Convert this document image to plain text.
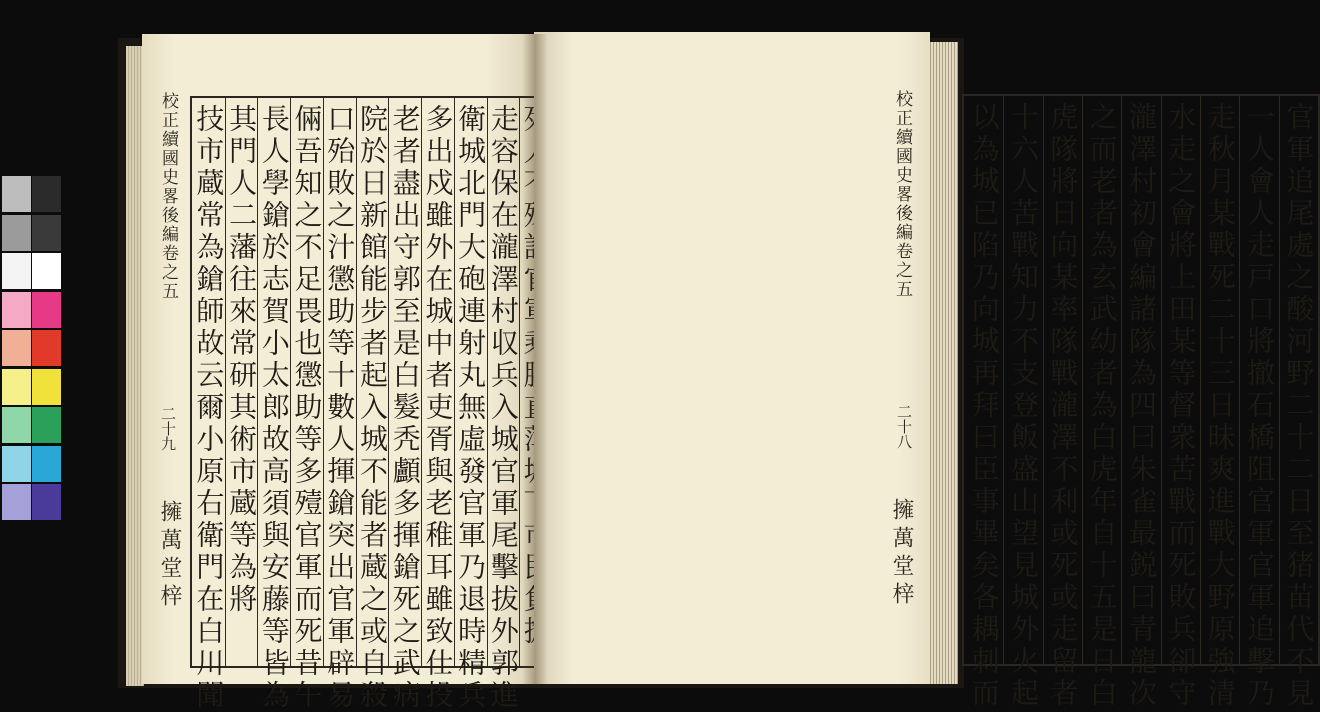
校正續國史畧後編卷之五
二十九
擁萬堂梓	走容保在瀧澤村収兵入城官軍尾擊拔外郭進
衛城北門大砲連射丸無虛發官軍乃退時精兵
多出戍雖外在城中者吏胥與老稚耳雖致仕投
老者盡出守郭至是白髮秃顱多揮鎗死之武病
院於日新館能步者起入城不能者蔵之或自殺
口殆敗之汁懲助等十數人揮鎗突出官軍辟易
倆吾知之不足畏也懲助等多殪官軍而死昔午
長人學鎗於志賀小太郎故高須與安藤等皆為
其門人二藩往來常研其術市蔵等為將
技市蔵常為鎗師故云爾小原右衛門在白川聞	校正續國史畧後編卷之五
二十八
擁萬堂梓	官軍追尾處之酸河野二十二日至猪苗代不見
一人會人走戸口將撤石橋阻官軍官軍追擊乃
走秋月某戰死二十三日昧爽進戰大野原強清
水走之會將上田某等督衆苦戰而死敗兵卻守
瀧澤村初會編諸隊為四曰朱雀最鋭曰青龍次
之而老者為玄武幼者為白虎年自十五是日白
虎隊將日向某率隊戰瀧澤不利或死或走留者
十六人苦戰知力不支登飯盛山望見城外火起
以為城已陷乃向城再拜曰臣事畢矣各耦刺而
